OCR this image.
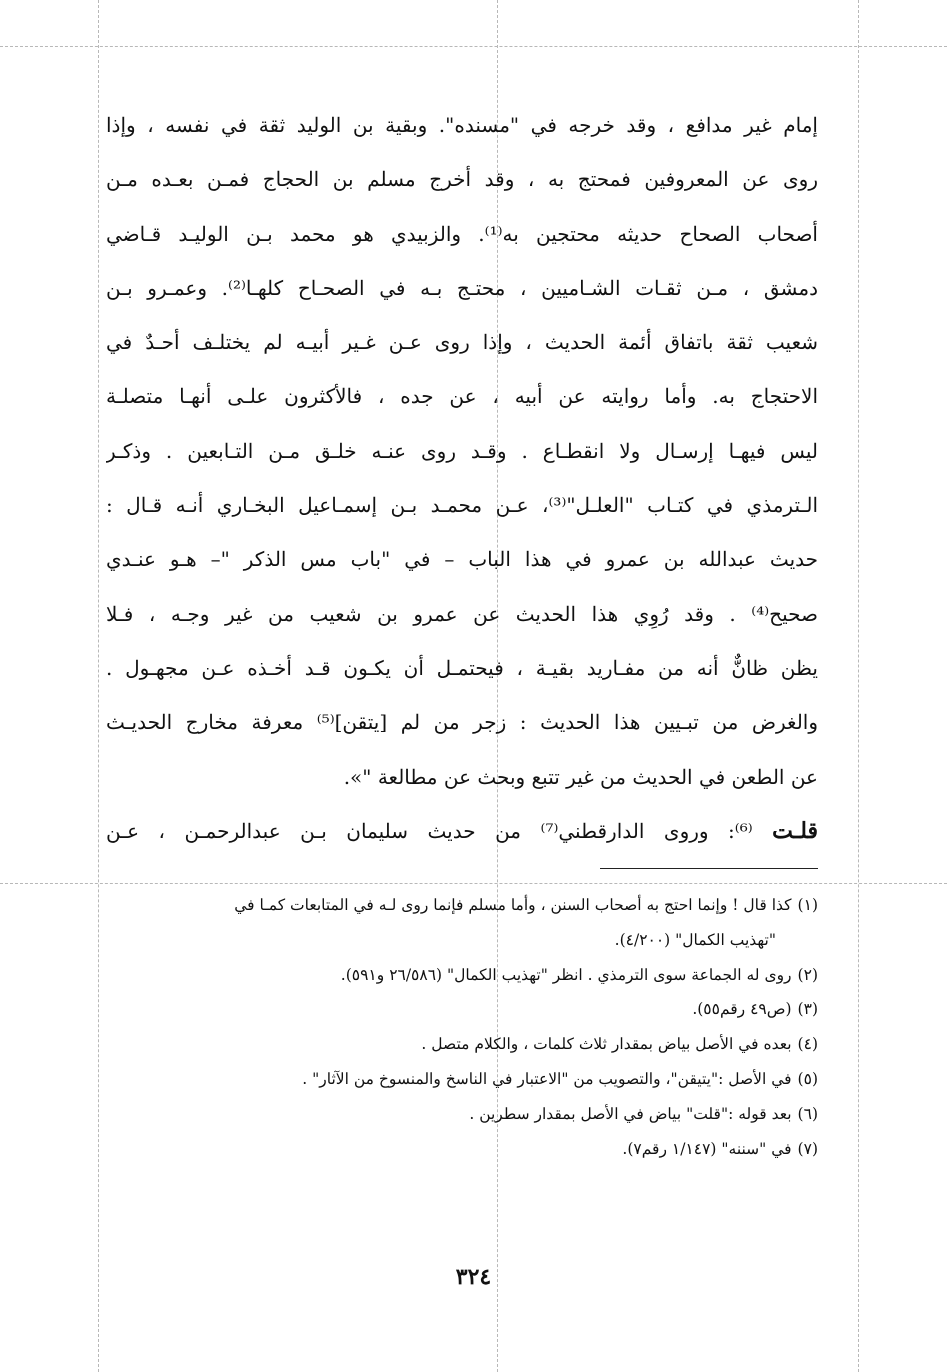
إمام غير مدافع ، وقد خرجه في "مسنده". وبقية بن الوليد ثقة في نفسه ، وإذا
روى عن المعروفين فمحتج به ، وقد أخرج مسلم بن الحجاج فمـن بعـده مـن
أصحاب الصحاح حديثه محتجين به⁽¹⁾. والزبيدي هو محمد بـن الوليـد قـاضي
دمشق ، مـن ثقـات الشـاميين ، محتـج بـه في الصحـاح كلهـا⁽²⁾. وعمـرو بـن
شعيب ثقة باتفاق أئمة الحديث ، وإذا روى عـن غـير أبيـه لم يختلـف أحـدٌ في
الاحتجاج به. وأما روايته عن أبيه ، عن جده ، فالأكثرون علـى أنهـا متصلـة
ليس فيهـا إرسـال ولا انقطـاع . وقـد روى عنـه خلـق مـن التـابعين . وذكـر
الـترمذي في كتـاب "العلـل"⁽³⁾، عـن محمـد بـن إسمـاعيل البخـاري أنـه قـال :
حديث عبدالله بن عمرو في هذا الباب – في "باب مس الذكر "– هـو عنـدي
صحيح⁽⁴⁾ . وقد رُوِي هذا الحديث عن عمرو بن شعيب من غير وجـه ، فـلا
يظن ظانٌّ أنه من مفـاريد بقيـة ، فيحتمـل أن يكـون قـد أخـذه عـن مجهـول .
والغرض من تبـيين هذا الحديث : زجر من لم [يتقن]⁽⁵⁾ معرفة مخارج الحديـث
عن الطعن في الحديث من غير تتبع وبحث عن مطالعة "».
قلـت ⁽⁶⁾: وروى الدارقطني⁽⁷⁾ من حديث سليمان بـن عبدالرحمـن ، عـن
(١)كذا قال ! وإنما احتج به أصحاب السنن ، وأما مسلم فإنما روى لـه في المتابعات كمـا في
"تهذيب الكمال" (٤/٢٠٠).
(٢)روى له الجماعة سوى الترمذي . انظر "تهذيب الكمال" (٢٦/٥٨٦ و٥٩١).
(٣)(ص٤٩ رقم٥٥).
(٤)بعده في الأصل بياض بمقدار ثلاث كلمات ، والكلام متصل .
(٥)في الأصل :"يتيقن"، والتصويب من "الاعتبار في الناسخ والمنسوخ من الآثار" .
(٦)بعد قوله :"قلت" بياض في الأصل بمقدار سطرين .
(٧)في "سننه" (١/١٤٧ رقم٧).
٣٢٤
